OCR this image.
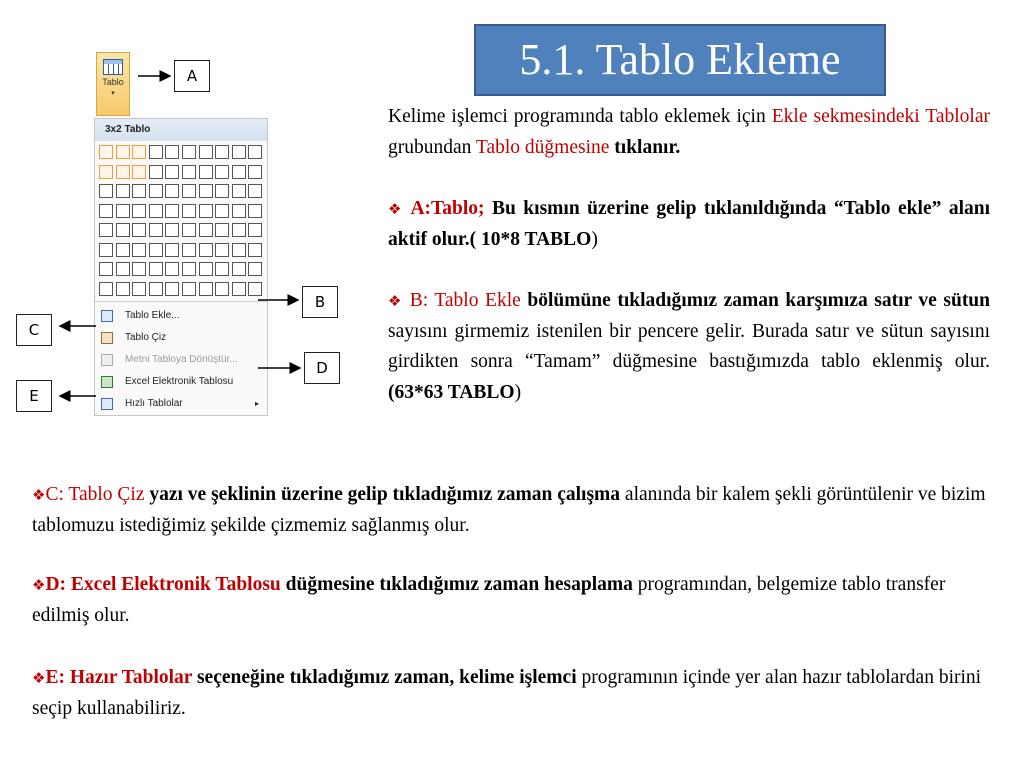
5.1. Tablo Ekleme
Tablo
▾
3x2 Tablo
Tablo Ekle...
Tablo Çiz
Metni Tabloya Dönüştür...
Excel Elektronik Tablosu
Hızlı Tablolar	▸
A
B
C
D
E

Kelime işlemci programında tablo eklemek için Ekle sekmesindeki Tablolar grubundan Tablo düğmesine tıklanır.

❖ A:Tablo; Bu kısmın üzerine gelip tıklanıldığında “Tablo ekle” alanı aktif olur.( 10*8 TABLO)

❖ B: Tablo Ekle bölümüne tıkladığımız zaman karşımıza satır ve sütun sayısını girmemiz istenilen bir pencere gelir. Burada satır ve sütun sayısını girdikten sonra “Tamam” düğmesine bastığımızda tablo eklenmiş olur. (63*63 TABLO)

❖C: Tablo Çiz yazı ve şeklinin üzerine gelip tıkladığımız zaman çalışma alanında bir kalem şekli görüntülenir ve bizim tablomuzu istediğimiz şekilde çizmemiz sağlanmış olur.

❖D: Excel Elektronik Tablosu düğmesine tıkladığımız zaman hesaplama programından, belgemize tablo transfer edilmiş olur.

❖E: Hazır Tablolar seçeneğine tıkladığımız zaman, kelime işlemci programının içinde yer alan hazır tablolardan birini seçip kullanabiliriz.
